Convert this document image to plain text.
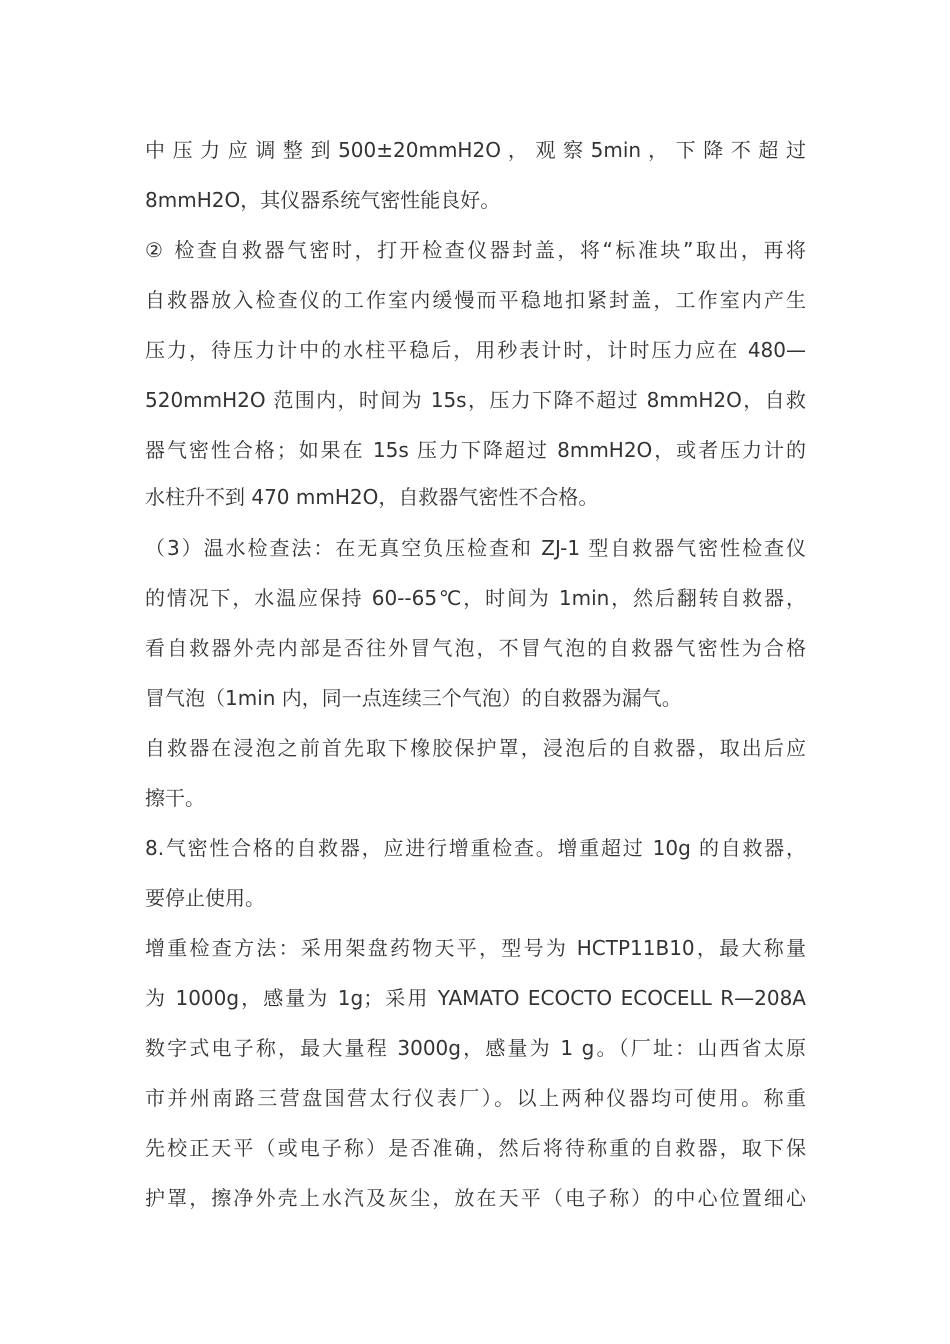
中 压 力 应 调 整 到 500±20mmH2O ， 观 察 5min ， 下 降 不 超 过
8mmH2O，其仪器系统气密性能良好。
② 检查自救器气密时，打开检查仪器封盖，将“标准块”取出，再将
自救器放入检查仪的工作室内缓慢而平稳地扣紧封盖，工作室内产生
压力，待压力计中的水柱平稳后，用秒表计时，计时压力应在 480—
520mmH2O 范围内，时间为 15s，压力下降不超过 8mmH2O，自救
器气密性合格；如果在 15s 压力下降超过 8mmH2O，或者压力计的
水柱升不到 470 mmH2O，自救器气密性不合格。
（3）温水检查法：在无真空负压检查和 ZJ-1 型自救器气密性检查仪
的情况下，水温应保持 60--65℃，时间为 1min，然后翻转自救器，
看自救器外壳内部是否往外冒气泡，不冒气泡的自救器气密性为合格
冒气泡（1min 内，同一点连续三个气泡）的自救器为漏气。
自救器在浸泡之前首先取下橡胶保护罩，浸泡后的自救器，取出后应
擦干。
8.气密性合格的自救器，应进行增重检查。增重超过 10g 的自救器，
要停止使用。
增重检查方法：采用架盘药物天平，型号为 HCTP11B10，最大称量
为 1000g，感量为 1g；采用 YAMATO ECOCTO ECOCELL R—208A
数字式电子称，最大量程 3000g，感量为 1 g。（厂址：山西省太原
市并州南路三营盘国营太行仪表厂）。以上两种仪器均可使用。称重
先校正天平（或电子称）是否准确，然后将待称重的自救器，取下保
护罩，擦净外壳上水汽及灰尘，放在天平（电子称）的中心位置细心
